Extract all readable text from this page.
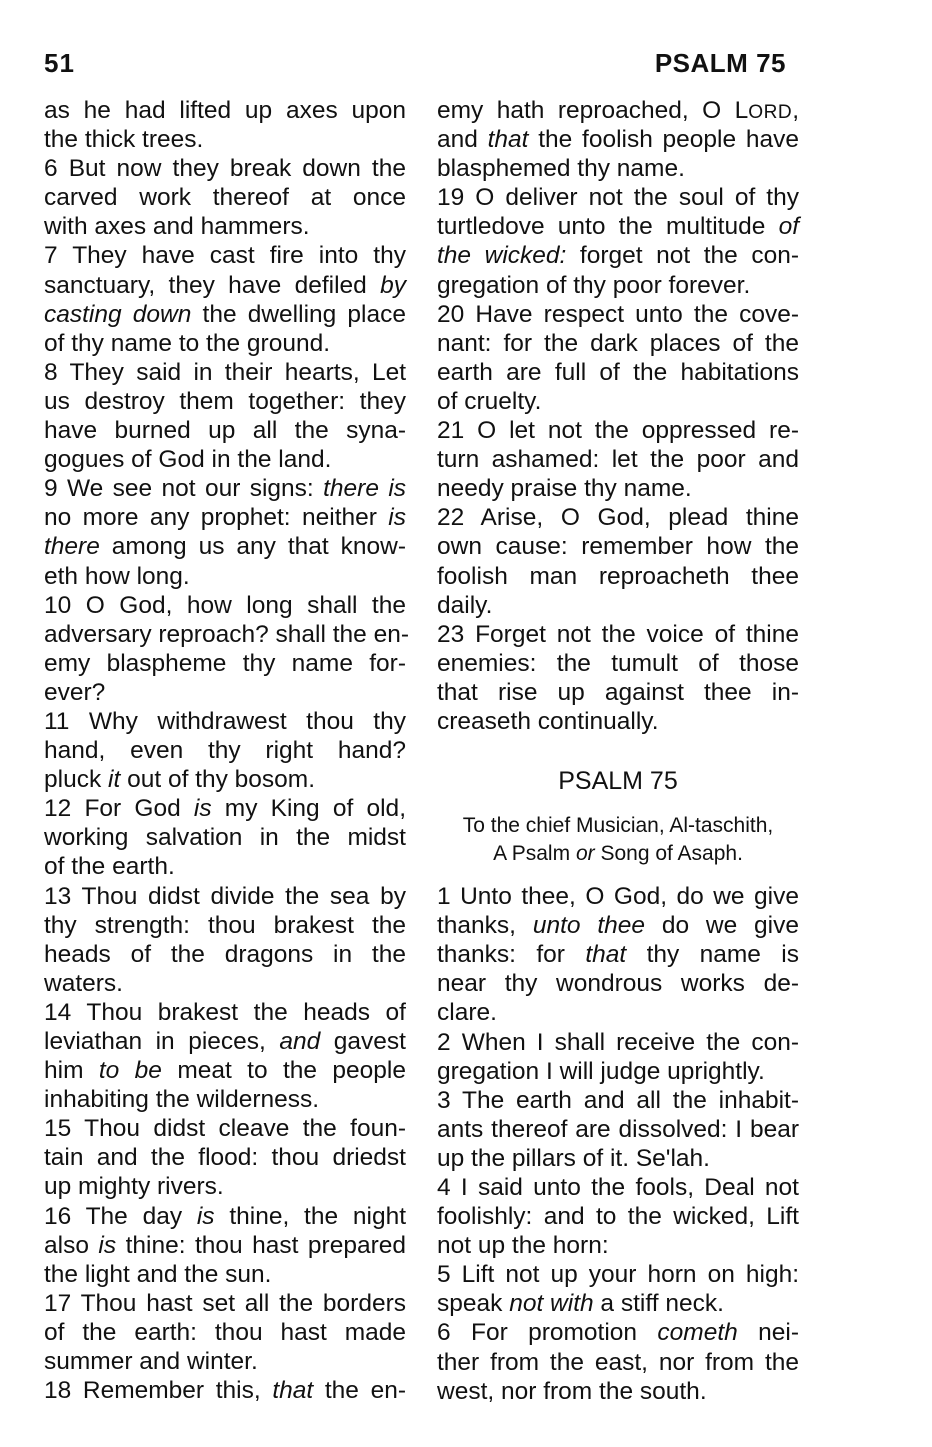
51	PSALM 75
as he had lifted up axes upon
the thick trees.
6 But now they break down the
carved work thereof at once
with axes and hammers.
7 They have cast fire into thy
sanctuary, they have defiled by
casting down the dwelling place
of thy name to the ground.
8 They said in their hearts, Let
us destroy them together: they
have burned up all the syna-
gogues of God in the land.
9 We see not our signs: there is
no more any prophet: neither is
there among us any that know-
eth how long.
10 O God, how long shall the
adversary reproach? shall the en-
emy blaspheme thy name for-
ever?
11 Why withdrawest thou thy
hand, even thy right hand?
pluck it out of thy bosom.
12 For God is my King of old,
working salvation in the midst
of the earth.
13 Thou didst divide the sea by
thy strength: thou brakest the
heads of the dragons in the
waters.
14 Thou brakest the heads of
leviathan in pieces, and gavest
him to be meat to the people
inhabiting the wilderness.
15 Thou didst cleave the foun-
tain and the flood: thou driedst
up mighty rivers.
16 The day is thine, the night
also is thine: thou hast prepared
the light and the sun.
17 Thou hast set all the borders
of the earth: thou hast made
summer and winter.
18 Remember this, that the en-
emy hath reproached, O LORD,
and that the foolish people have
blasphemed thy name.
19 O deliver not the soul of thy
turtledove unto the multitude of
the wicked: forget not the con-
gregation of thy poor forever.
20 Have respect unto the cove-
nant: for the dark places of the
earth are full of the habitations
of cruelty.
21 O let not the oppressed re-
turn ashamed: let the poor and
needy praise thy name.
22 Arise, O God, plead thine
own cause: remember how the
foolish man reproacheth thee
daily.
23 Forget not the voice of thine
enemies: the tumult of those
that rise up against thee in-
creaseth continually.
PSALM 75
To the chief Musician, Al-taschith,
A Psalm or Song of Asaph.
1 Unto thee, O God, do we give
thanks, unto thee do we give
thanks: for that thy name is
near thy wondrous works de-
clare.
2 When I shall receive the con-
gregation I will judge uprightly.
3 The earth and all the inhabit-
ants thereof are dissolved: I bear
up the pillars of it. Se'lah.
4 I said unto the fools, Deal not
foolishly: and to the wicked, Lift
not up the horn:
5 Lift not up your horn on high:
speak not with a stiff neck.
6 For promotion cometh nei-
ther from the east, nor from the
west, nor from the south.
